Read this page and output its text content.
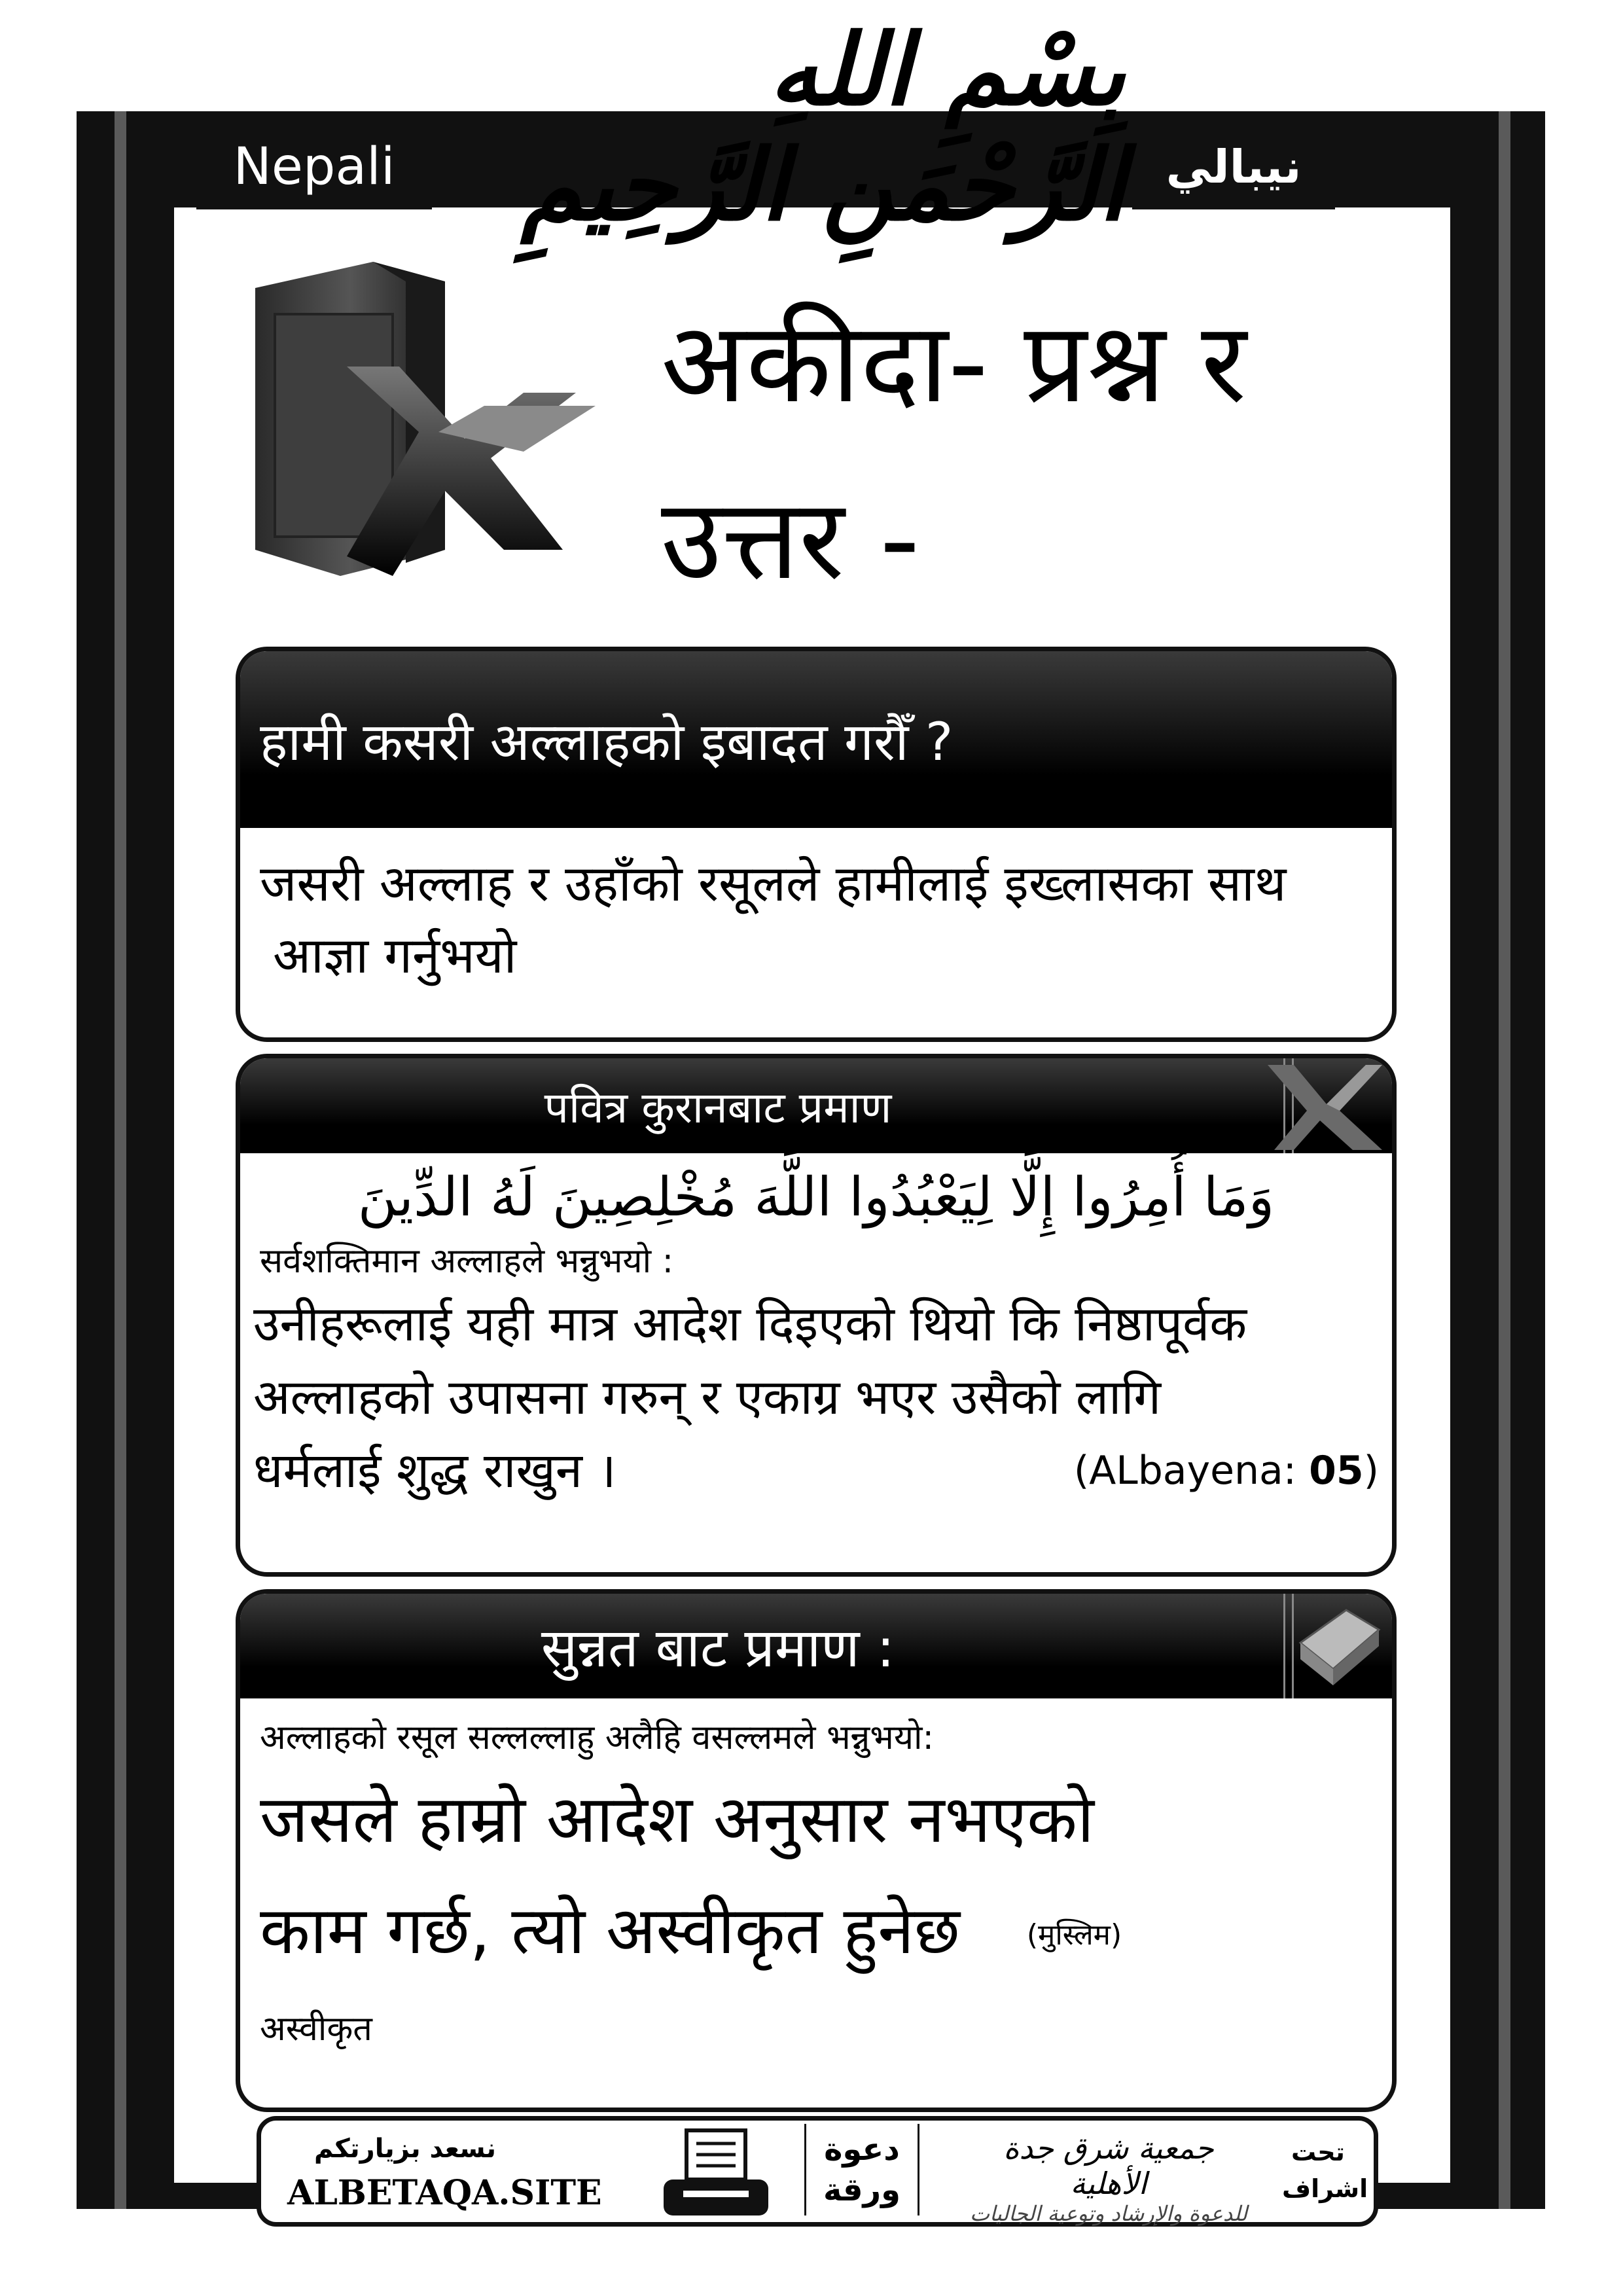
Nepali	نيبالي
بِسْمِ اللهِ الرَّحْمَنِ الرَّحِيمِ
अकीदा- प्रश्न र
उत्तर -
हामी कसरी अल्लाहको इबादत गरौँ ?
जसरी अल्लाह र उहाँको रसूलले हामीलाई इख्लासका साथ
आज्ञा गर्नुभयो
पवित्र कुरानबाट प्रमाण
وَمَا أُمِرُوا إِلَّا لِيَعْبُدُوا اللَّهَ مُخْلِصِينَ لَهُ الدِّينَ
सर्वशक्तिमान अल्लाहले भन्नुभयो :
उनीहरूलाई यही मात्र आदेश दिइएको थियो कि निष्ठापूर्वक
अल्लाहको उपासना गरुन् र एकाग्र भएर उसैको लागि
धर्मलाई शुद्ध राखुन ।	(ALbayena: 05)
सुन्नत बाट प्रमाण :
अल्लाहको रसूल सल्लल्लाहु अलैहि वसल्लमले भन्नुभयो:
जसले हाम्रो आदेश अनुसार नभएको
काम गर्छ, त्यो अस्वीकृत हुनेछ (मुस्लिम)
अस्वीकृत
نسعد بزيارتكم
ALBETAQA.SITE
دعوة ورقة
جمعية شرق جدة الأهلية
للدعوة والإرشاد وتوعية الجاليات
تحت
اشراف
